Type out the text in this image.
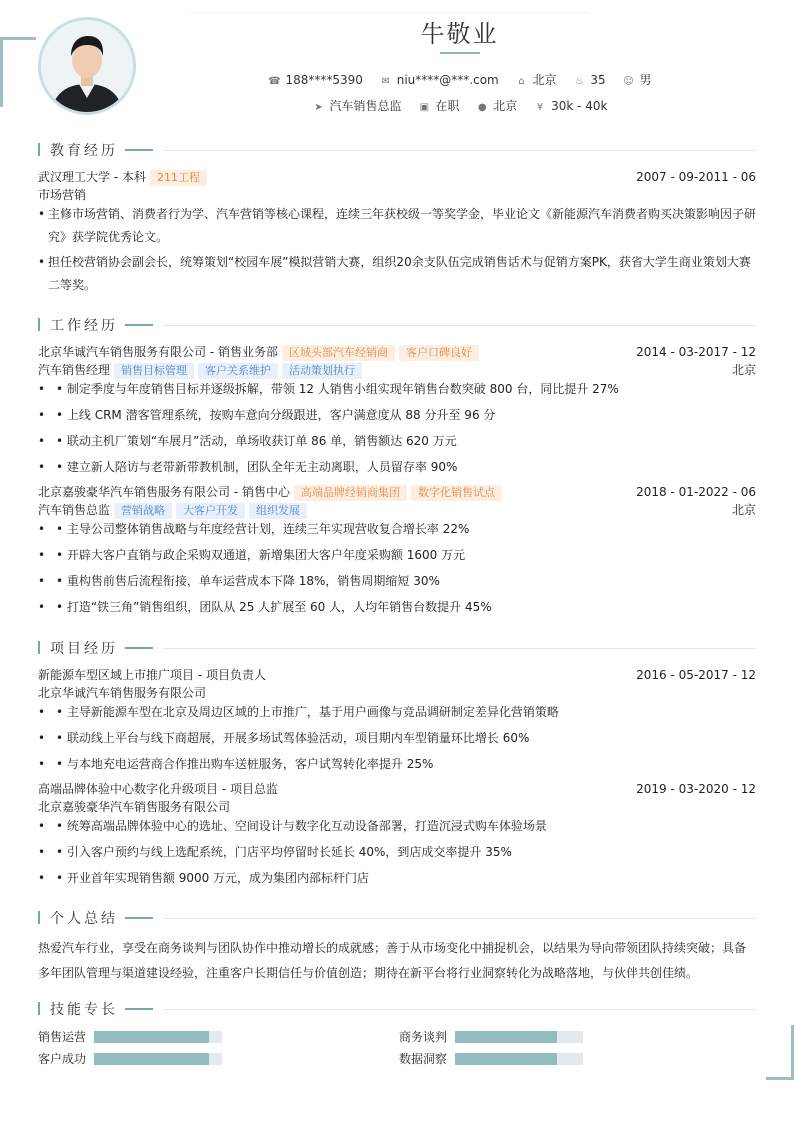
牛敬业
☎ 188****5390 ✉ niu****@***.com ⌂ 北京 ♨ 35 ☺ 男
➤ 汽车销售总监 ▣ 在职 ● 北京 ¥ 30k - 40k
教育经历
武汉理工大学 - 本科 211工程	2007 - 09-2011 - 06
市场营销
• 主修市场营销、消费者行为学、汽车营销等核心课程，连续三年获校级一等奖学金，毕业论文《新能源汽车消费者购买决策影响因子研究》获学院优秀论文。
• 担任校营销协会副会长，统筹策划“校园车展”模拟营销大赛，组织20余支队伍完成销售话术与促销方案PK，获省大学生商业策划大赛二等奖。
工作经历
北京华诚汽车销售服务有限公司 - 销售业务部 区域头部汽车经销商 客户口碑良好	2014 - 03-2017 - 12
汽车销售经理 销售目标管理 客户关系维护 活动策划执行	北京
• • 制定季度与年度销售目标并逐级拆解，带领 12 人销售小组实现年销售台数突破 800 台，同比提升 27%
• • 上线 CRM 潜客管理系统，按购车意向分级跟进，客户满意度从 88 分升至 96 分
• • 联动主机厂策划“车展月”活动，单场收获订单 86 单，销售额达 620 万元
• • 建立新人陪访与老带新带教机制，团队全年无主动离职，人员留存率 90%
北京嘉骏豪华汽车销售服务有限公司 - 销售中心 高端品牌经销商集团 数字化销售试点	2018 - 01-2022 - 06
汽车销售总监 营销战略 大客户开发 组织发展	北京
• • 主导公司整体销售战略与年度经营计划，连续三年实现营收复合增长率 22%
• • 开辟大客户直销与政企采购双通道，新增集团大客户年度采购额 1600 万元
• • 重构售前售后流程衔接，单车运营成本下降 18%，销售周期缩短 30%
• • 打造“铁三角”销售组织，团队从 25 人扩展至 60 人，人均年销售台数提升 45%
项目经历
新能源车型区域上市推广项目 - 项目负责人	2016 - 05-2017 - 12
北京华诚汽车销售服务有限公司
• • 主导新能源车型在北京及周边区域的上市推广，基于用户画像与竞品调研制定差异化营销策略
• • 联动线上平台与线下商超展，开展多场试驾体验活动，项目期内车型销量环比增长 60%
• • 与本地充电运营商合作推出购车送桩服务，客户试驾转化率提升 25%
高端品牌体验中心数字化升级项目 - 项目总监	2019 - 03-2020 - 12
北京嘉骏豪华汽车销售服务有限公司
• • 统筹高端品牌体验中心的选址、空间设计与数字化互动设备部署，打造沉浸式购车体验场景
• • 引入客户预约与线上选配系统，门店平均停留时长延长 40%，到店成交率提升 35%
• • 开业首年实现销售额 9000 万元，成为集团内部标杆门店
个人总结
热爱汽车行业，享受在商务谈判与团队协作中推动增长的成就感；善于从市场变化中捕捉机会，以结果为导向带领团队持续突破；具备多年团队管理与渠道建设经验，注重客户长期信任与价值创造；期待在新平台将行业洞察转化为战略落地，与伙伴共创佳绩。
技能专长
销售运营	商务谈判
客户成功	数据洞察
